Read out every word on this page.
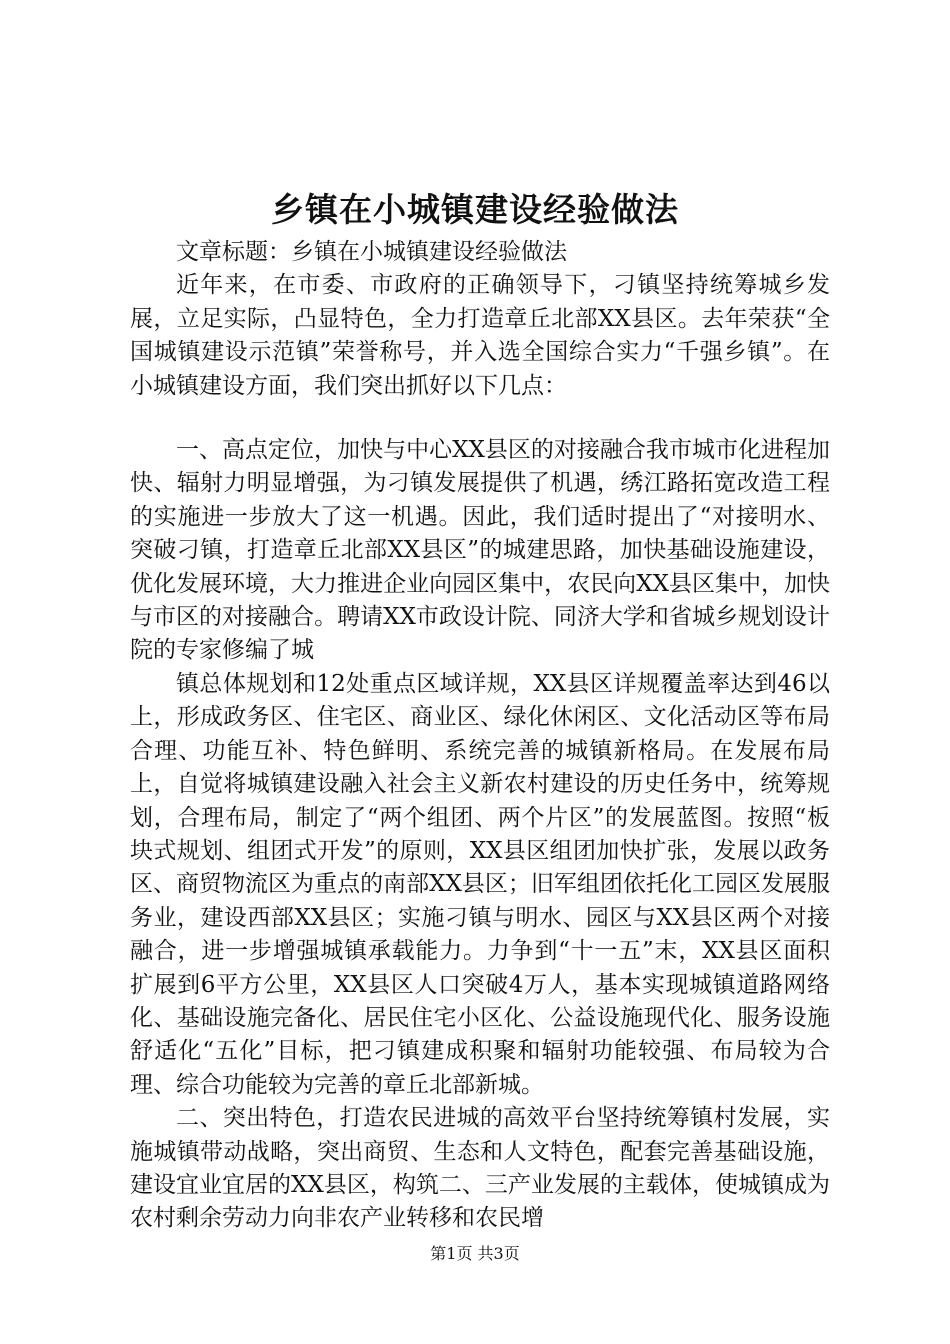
乡镇在小城镇建设经验做法

文章标题：乡镇在小城镇建设经验做法

近年来，在市委、市政府的正确领导下，刁镇坚持统筹城乡发展，立足实际，凸显特色，全力打造章丘北部XX县区。去年荣获“全国城镇建设示范镇”荣誉称号，并入选全国综合实力“千强乡镇”。在小城镇建设方面，我们突出抓好以下几点：

一、高点定位，加快与中心XX县区的对接融合我市城市化进程加快、辐射力明显增强，为刁镇发展提供了机遇，绣江路拓宽改造工程的实施进一步放大了这一机遇。因此，我们适时提出了“对接明水、突破刁镇，打造章丘北部XX县区”的城建思路，加快基础设施建设，优化发展环境，大力推进企业向园区集中，农民向XX县区集中，加快与市区的对接融合。聘请XX市政设计院、同济大学和省城乡规划设计院的专家修编了城

镇总体规划和12处重点区域详规，XX县区详规覆盖率达到46以上，形成政务区、住宅区、商业区、绿化休闲区、文化活动区等布局合理、功能互补、特色鲜明、系统完善的城镇新格局。在发展布局上，自觉将城镇建设融入社会主义新农村建设的历史任务中，统筹规划，合理布局，制定了“两个组团、两个片区”的发展蓝图。按照“板块式规划、组团式开发”的原则，XX县区组团加快扩张，发展以政务区、商贸物流区为重点的南部XX县区；旧军组团依托化工园区发展服务业，建设西部XX县区；实施刁镇与明水、园区与XX县区两个对接融合，进一步增强城镇承载能力。力争到“十一五”末，XX县区面积扩展到6平方公里，XX县区人口突破4万人，基本实现城镇道路网络化、基础设施完备化、居民住宅小区化、公益设施现代化、服务设施舒适化“五化”目标，把刁镇建成积聚和辐射功能较强、布局较为合理、综合功能较为完善的章丘北部新城。

二、突出特色，打造农民进城的高效平台坚持统筹镇村发展，实施城镇带动战略，突出商贸、生态和人文特色，配套完善基础设施，建设宜业宜居的XX县区，构筑二、三产业发展的主载体，使城镇成为农村剩余劳动力向非农产业转移和农民增

第1页 共3页
